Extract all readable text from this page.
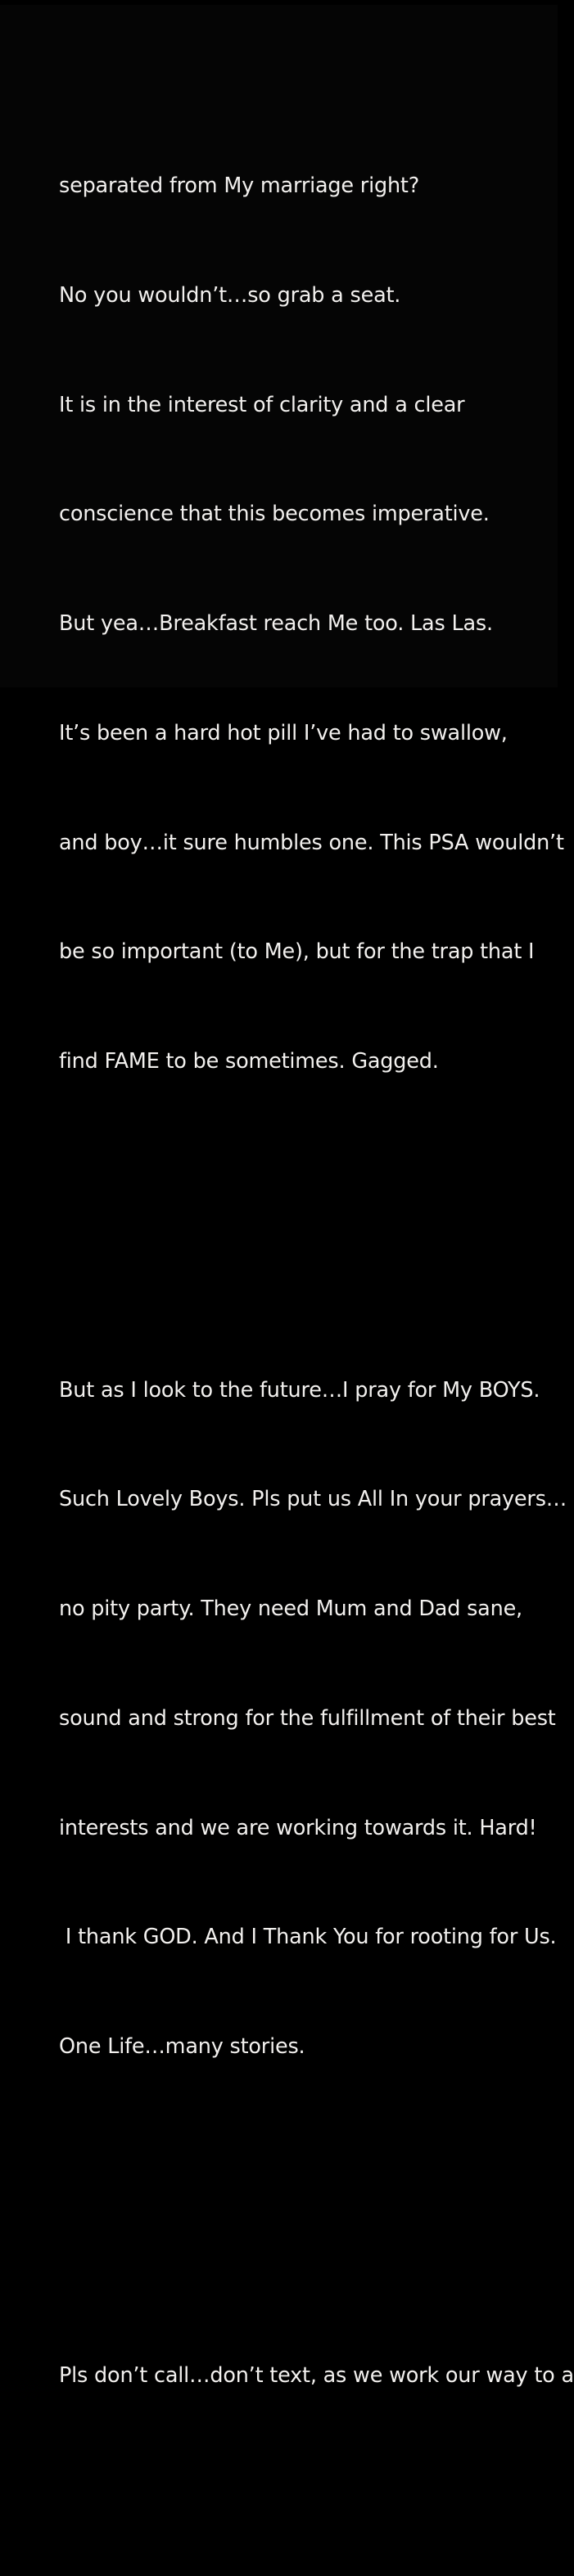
separated from My marriage right?

No you wouldn’t…so grab a seat.

It is in the interest of clarity and a clear

conscience that this becomes imperative.

But yea…Breakfast reach Me too. Las Las.

It’s been a hard hot pill I’ve had to swallow,

and boy…it sure humbles one. This PSA wouldn’t

be so important (to Me), but for the trap that I

find FAME to be sometimes. Gagged.

But as I look to the future…I pray for My BOYS.

Such Lovely Boys. Pls put us All In your prayers…

no pity party. They need Mum and Dad sane,

sound and strong for the fulfillment of their best

interests and we are working towards it. Hard!

I thank GOD. And I Thank You for rooting for Us.

One Life…many stories.

Pls don’t call…don’t text, as we work our way to a
